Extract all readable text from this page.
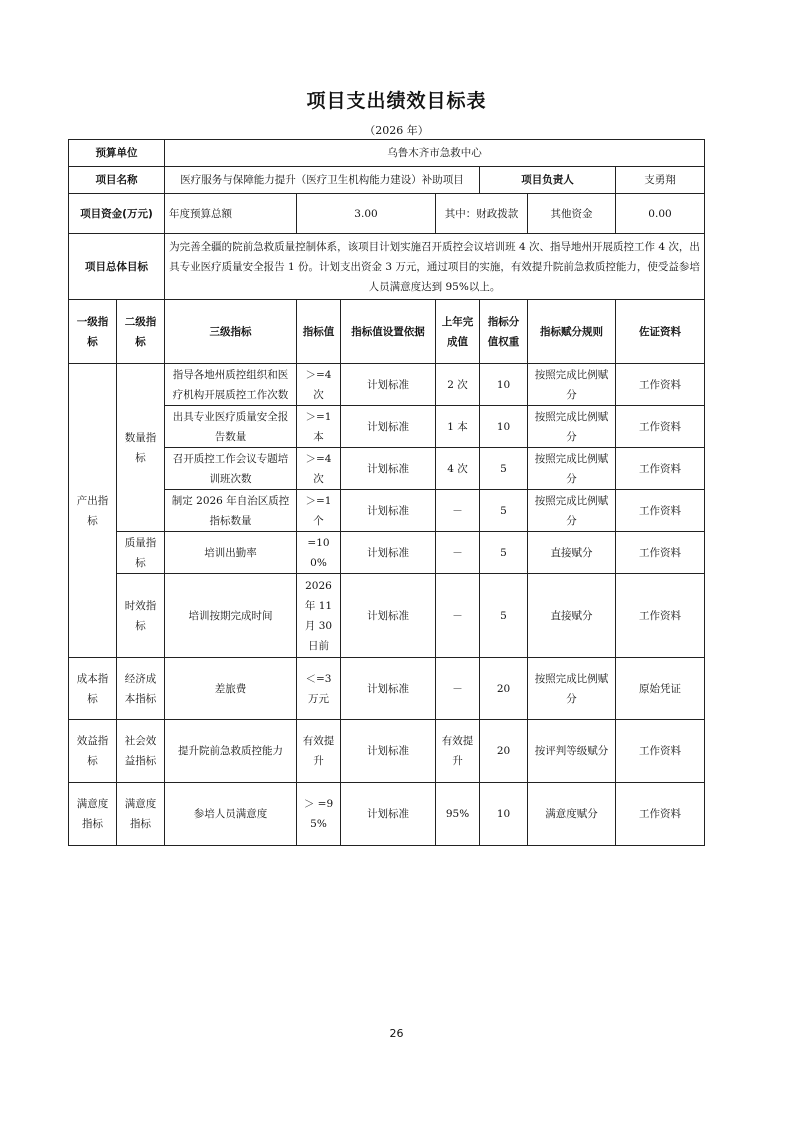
项目支出绩效目标表
（2026 年）
预算单位		乌鲁木齐市急救中心						
项目名称		医疗服务与保障能力提升（医疗卫生机构能力建设）补助项目				项目负责人		支勇翔
项目资金(万元)		年度预算总额	3.00		其中：财政拨款		其他资金	0.00
项目总体目标		为完善全疆的院前急救质量控制体系，该项目计划实施召开质控会议培训班 4 次、指导地州开展质控工作 4 次，出具专业医疗质量安全报告 1 份。计划支出资金 3 万元，通过项目的实施，有效提升院前急救质控能力，使受益参培人员满意度达到 95%以上。						
一级指标	二级指标	三级指标	指标值	指标值设置依据	上年完成值	指标分值权重	指标赋分规则	佐证资料
产出指标	数量指标	指导各地州质控组织和医疗机构开展质控工作次数	＞=4 次	计划标准	2 次	10	按照完成比例赋分	工作资料
		出具专业医疗质量安全报告数量	＞=1 本	计划标准	1 本	10	按照完成比例赋分	工作资料
		召开质控工作会议专题培训班次数	＞=4 次	计划标准	4 次	5	按照完成比例赋分	工作资料
		制定 2026 年自治区质控指标数量	＞=1 个	计划标准	－	5	按照完成比例赋分	工作资料
	质量指标	培训出勤率	=100%	计划标准	－	5	直接赋分	工作资料
	时效指标	培训按期完成时间	2026 年 11 月 30 日前	计划标准	－	5	直接赋分	工作资料
成本指标	经济成本指标	差旅费	＜=3 万元	计划标准	－	20	按照完成比例赋分	原始凭证
效益指标	社会效益指标	提升院前急救质控能力	有效提升	计划标准	有效提升	20	按评判等级赋分	工作资料
满意度指标	满意度指标	参培人员满意度	＞ =95%	计划标准	95%	10	满意度赋分	工作资料
26
